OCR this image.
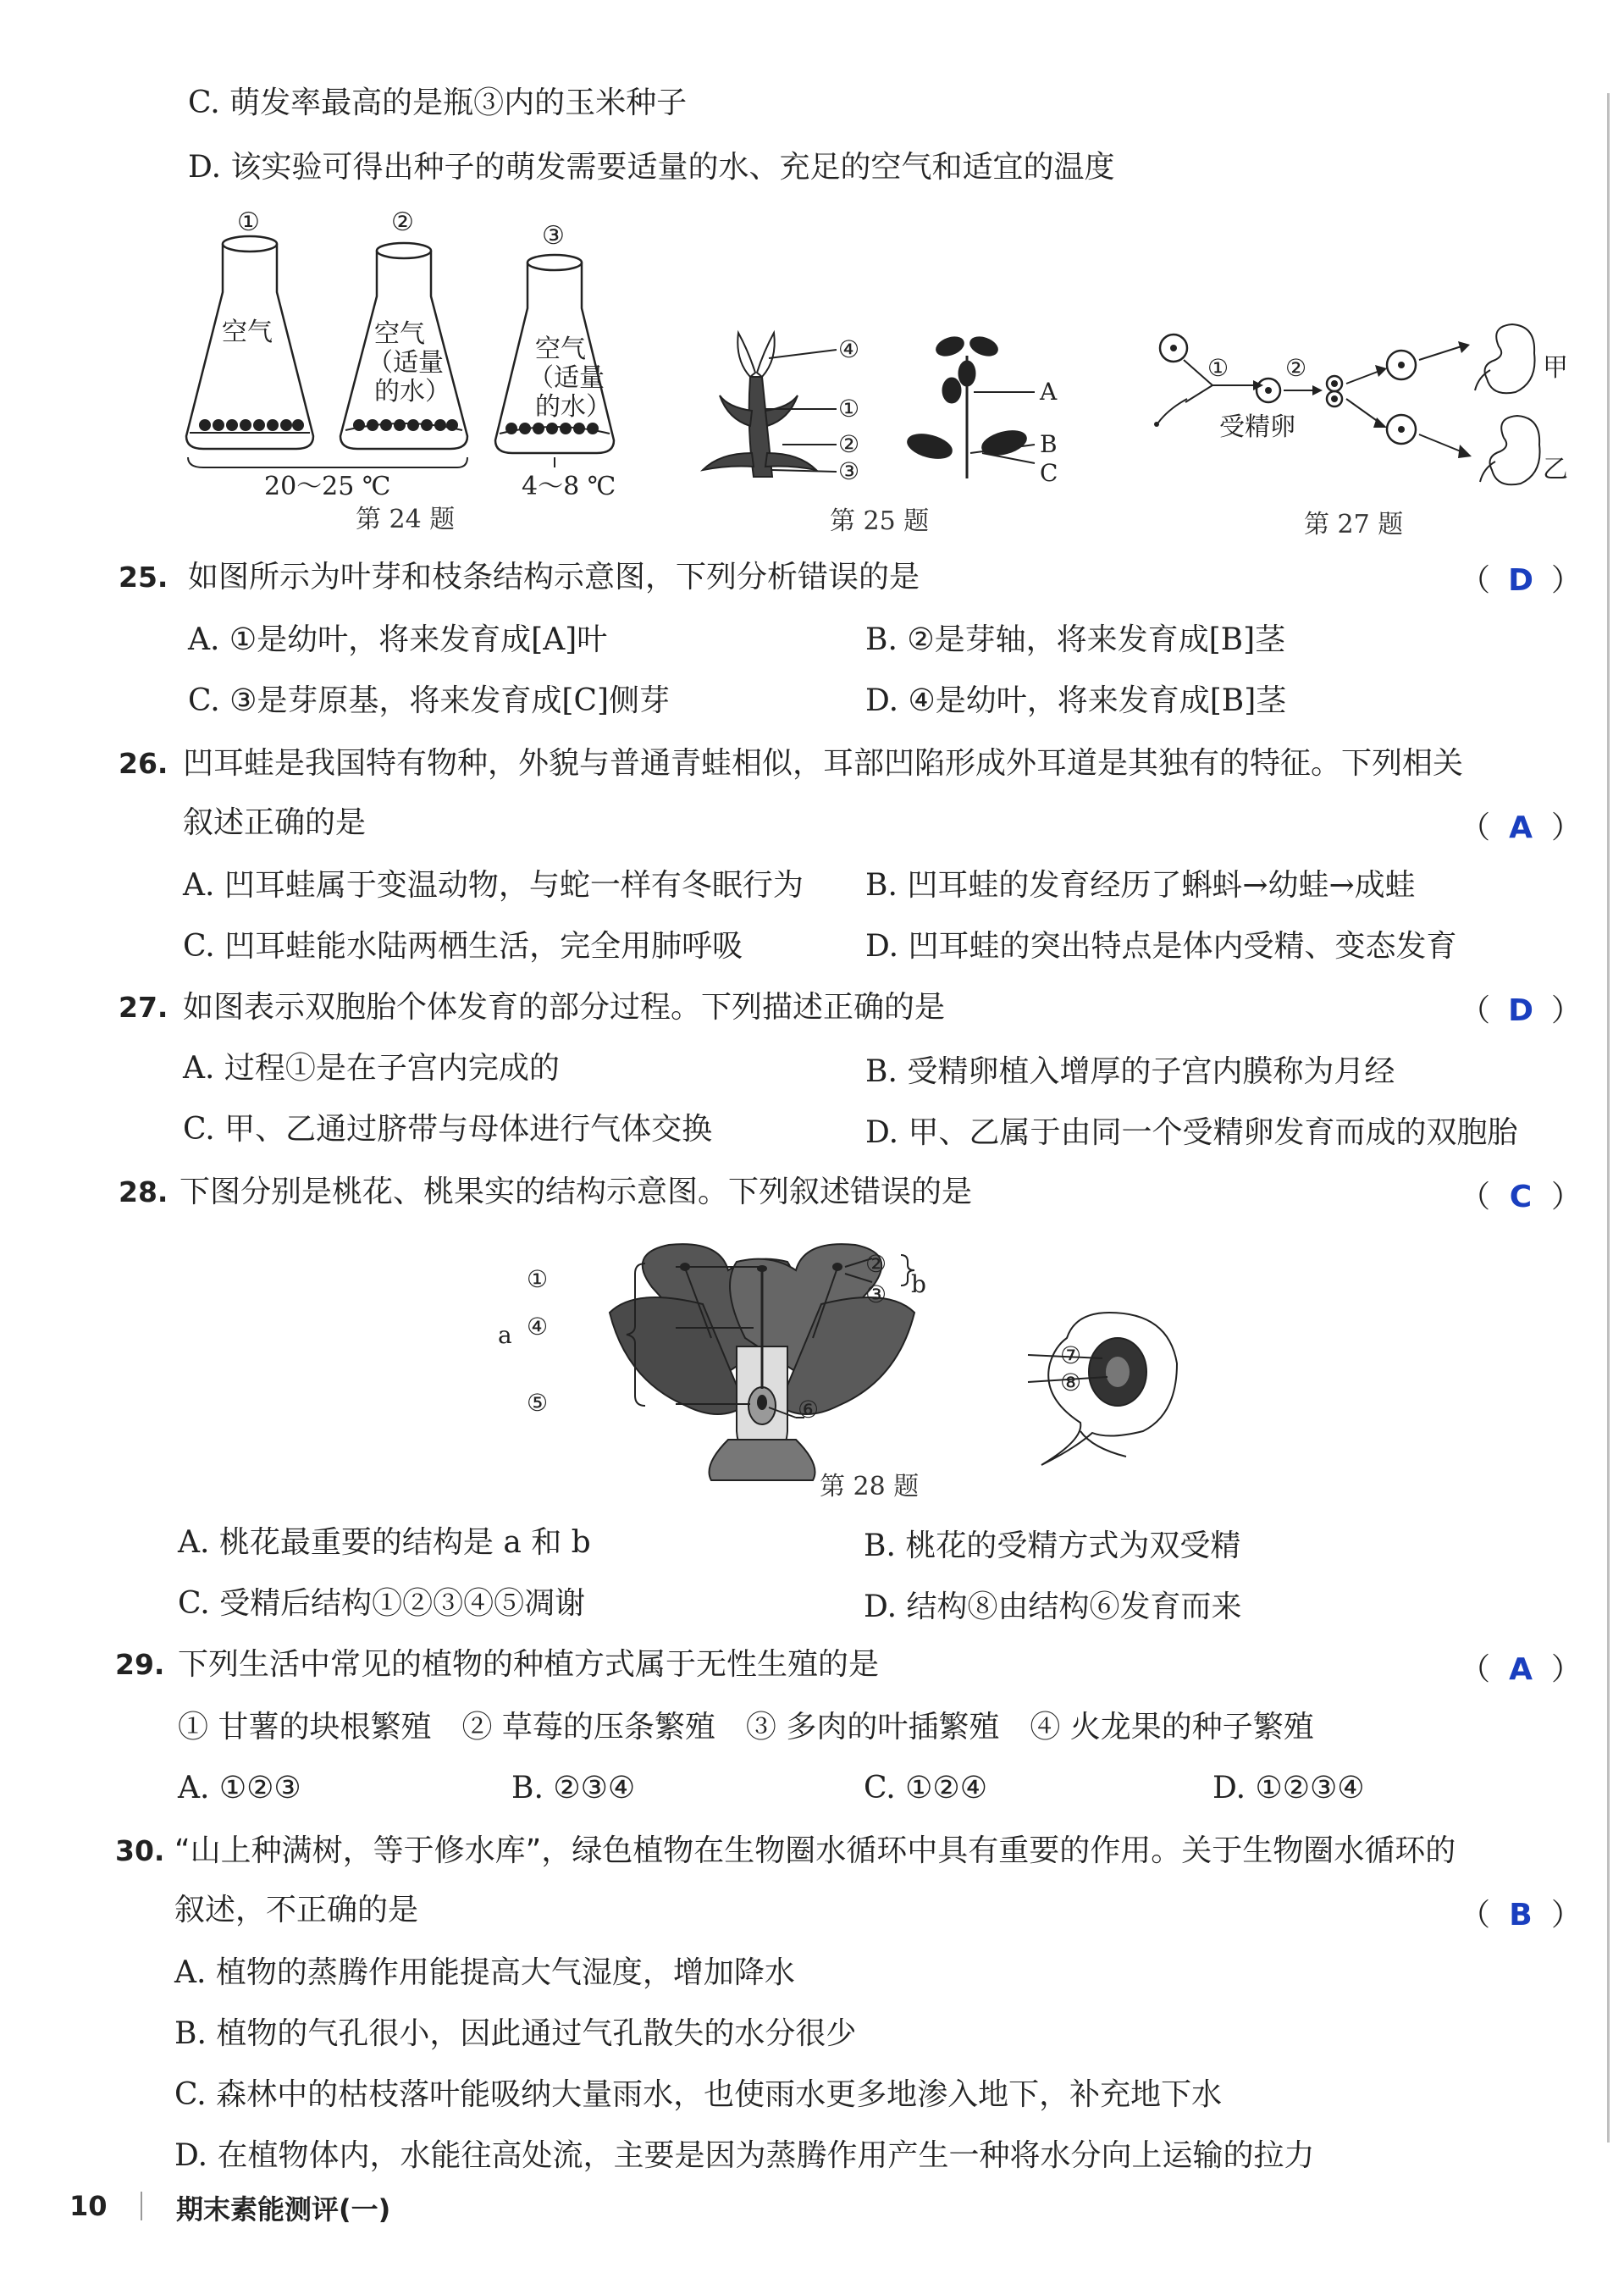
C. 萌发率最高的是瓶③内的玉米种子
D. 该实验可得出种子的萌发需要适量的水、充足的空气和适宜的温度
①	②	③
空气	空气
（适量
的水）
空气
（适量
的水）
20～25 ℃	4～8 ℃
第 24 题
④
①
②
③
A
B
C
第 25 题
① ②
受精卵
甲
乙
第 27 题
25. 如图所示为叶芽和枝条结构示意图，下列分析错误的是	（ D ）
A. ①是幼叶，将来发育成[A]叶	B. ②是芽轴，将来发育成[B]茎
C. ③是芽原基，将来发育成[C]侧芽	D. ④是幼叶，将来发育成[B]茎
26. 凹耳蛙是我国特有物种，外貌与普通青蛙相似，耳部凹陷形成外耳道是其独有的特征。下列相关
叙述正确的是	（ A ）
A. 凹耳蛙属于变温动物，与蛇一样有冬眠行为 B. 凹耳蛙的发育经历了蝌蚪→幼蛙→成蛙
C. 凹耳蛙能水陆两栖生活，完全用肺呼吸	D. 凹耳蛙的突出特点是体内受精、变态发育
27. 如图表示双胞胎个体发育的部分过程。下列描述正确的是	（ D ）
A. 过程①是在子宫内完成的	B. 受精卵植入增厚的子宫内膜称为月经
C. 甲、乙通过脐带与母体进行气体交换	D. 甲、乙属于由同一个受精卵发育而成的双胞胎
28. 下图分别是桃花、桃果实的结构示意图。下列叙述错误的是	（ C ）
①
②
③
④
⑤	⑥
a
b
⑦
⑧
第 28 题
A. 桃花最重要的结构是 a 和 b	B. 桃花的受精方式为双受精
C. 受精后结构①②③④⑤凋谢	D. 结构⑧由结构⑥发育而来
29. 下列生活中常见的植物的种植方式属于无性生殖的是	（ A ）
① 甘薯的块根繁殖　② 草莓的压条繁殖　③ 多肉的叶插繁殖　④ 火龙果的种子繁殖
A. ①②③	B. ②③④	C. ①②④	D. ①②③④
30. “山上种满树，等于修水库”，绿色植物在生物圈水循环中具有重要的作用。关于生物圈水循环的
叙述，不正确的是	（ B ）
A. 植物的蒸腾作用能提高大气湿度，增加降水
B. 植物的气孔很小，因此通过气孔散失的水分很少
C. 森林中的枯枝落叶能吸纳大量雨水，也使雨水更多地渗入地下，补充地下水
D. 在植物体内，水能往高处流，主要是因为蒸腾作用产生一种将水分向上运输的拉力
10	期末素能测评(一)
